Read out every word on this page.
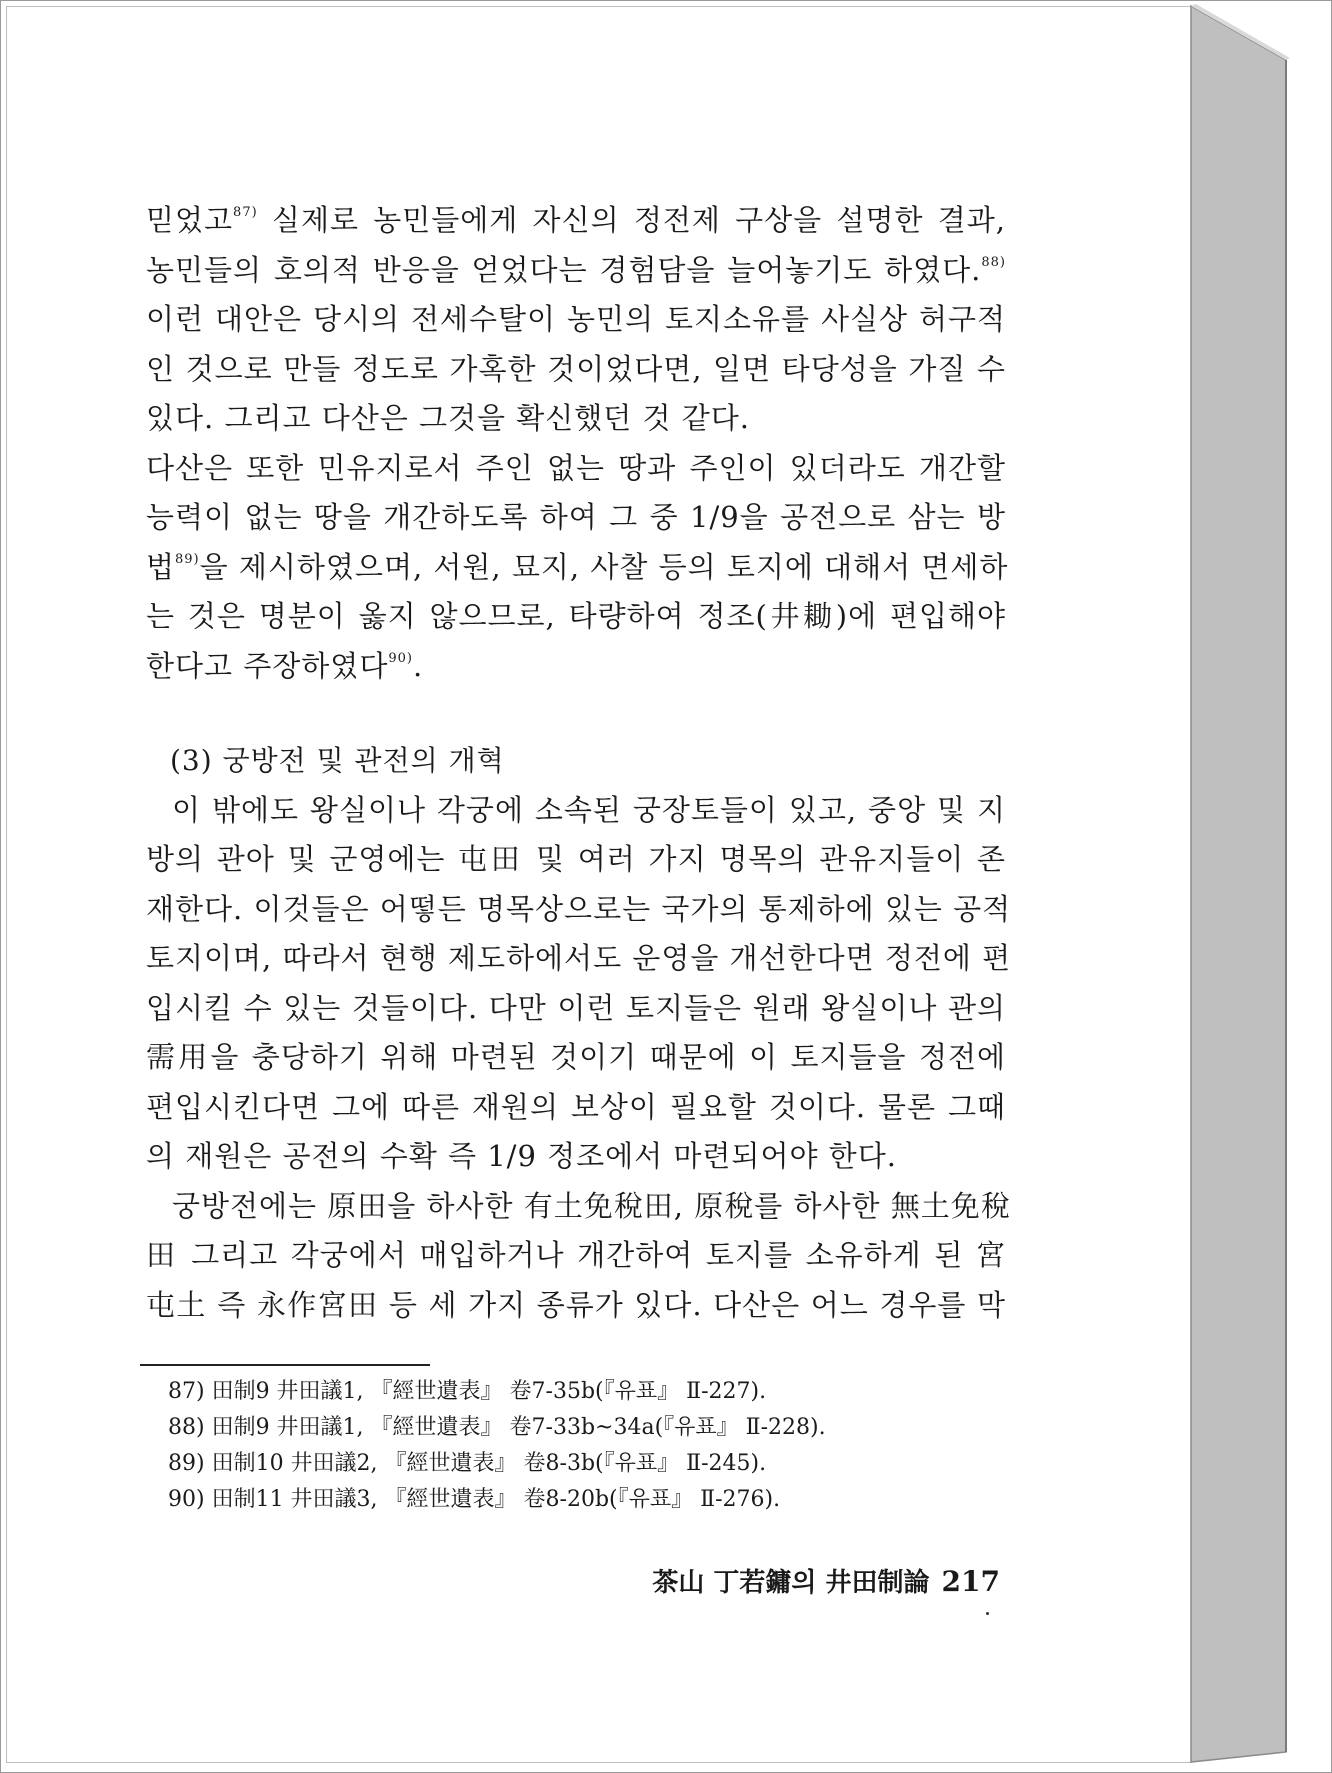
믿었고$^{87)}$ 실제로 농민들에게 자신의 정전제 구상을 설명한 결과,
농민들의 호의적 반응을 얻었다는 경험담을 늘어놓기도 하였다.$^{88)}$
이런 대안은 당시의 전세수탈이 농민의 토지소유를 사실상 허구적
인 것으로 만들 정도로 가혹한 것이었다면, 일면 타당성을 가질 수
있다. 그리고 다산은 그것을 확신했던 것 같다.
다산은 또한 민유지로서 주인 없는 땅과 주인이 있더라도 개간할
능력이 없는 땅을 개간하도록 하여 그 중 1/9을 공전으로 삼는 방
법$^{89)}$을 제시하였으며, 서원, 묘지, 사찰 등의 토지에 대해서 면세하
는 것은 명분이 옳지 않으므로, 타량하여 정조(井耡)에 편입해야
한다고 주장하였다$^{90)}$.
(3) 궁방전 및 관전의 개혁
이 밖에도 왕실이나 각궁에 소속된 궁장토들이 있고, 중앙 및 지
방의 관아 및 군영에는 屯田 및 여러 가지 명목의 관유지들이 존
재한다. 이것들은 어떻든 명목상으로는 국가의 통제하에 있는 공적
토지이며, 따라서 현행 제도하에서도 운영을 개선한다면 정전에 편
입시킬 수 있는 것들이다. 다만 이런 토지들은 원래 왕실이나 관의
需用을 충당하기 위해 마련된 것이기 때문에 이 토지들을 정전에
편입시킨다면 그에 따른 재원의 보상이 필요할 것이다. 물론 그때
의 재원은 공전의 수확 즉 1/9 정조에서 마련되어야 한다.
궁방전에는 原田을 하사한 有土免稅田, 原稅를 하사한 無土免稅
田 그리고 각궁에서 매입하거나 개간하여 토지를 소유하게 된 宮
屯土 즉 永作宮田 등 세 가지 종류가 있다. 다산은 어느 경우를 막
87) 田制9 井田議1, 『經世遺表』 卷7-35b(『유표』 Ⅱ-227).
88) 田制9 井田議1, 『經世遺表』 卷7-33b~34a(『유표』 Ⅱ-228).
89) 田制10 井田議2, 『經世遺表』 卷8-3b(『유표』 Ⅱ-245).
90) 田制11 井田議3, 『經世遺表』 卷8-20b(『유표』 Ⅱ-276).
茶山 丁若鏞의 井田制論 217
